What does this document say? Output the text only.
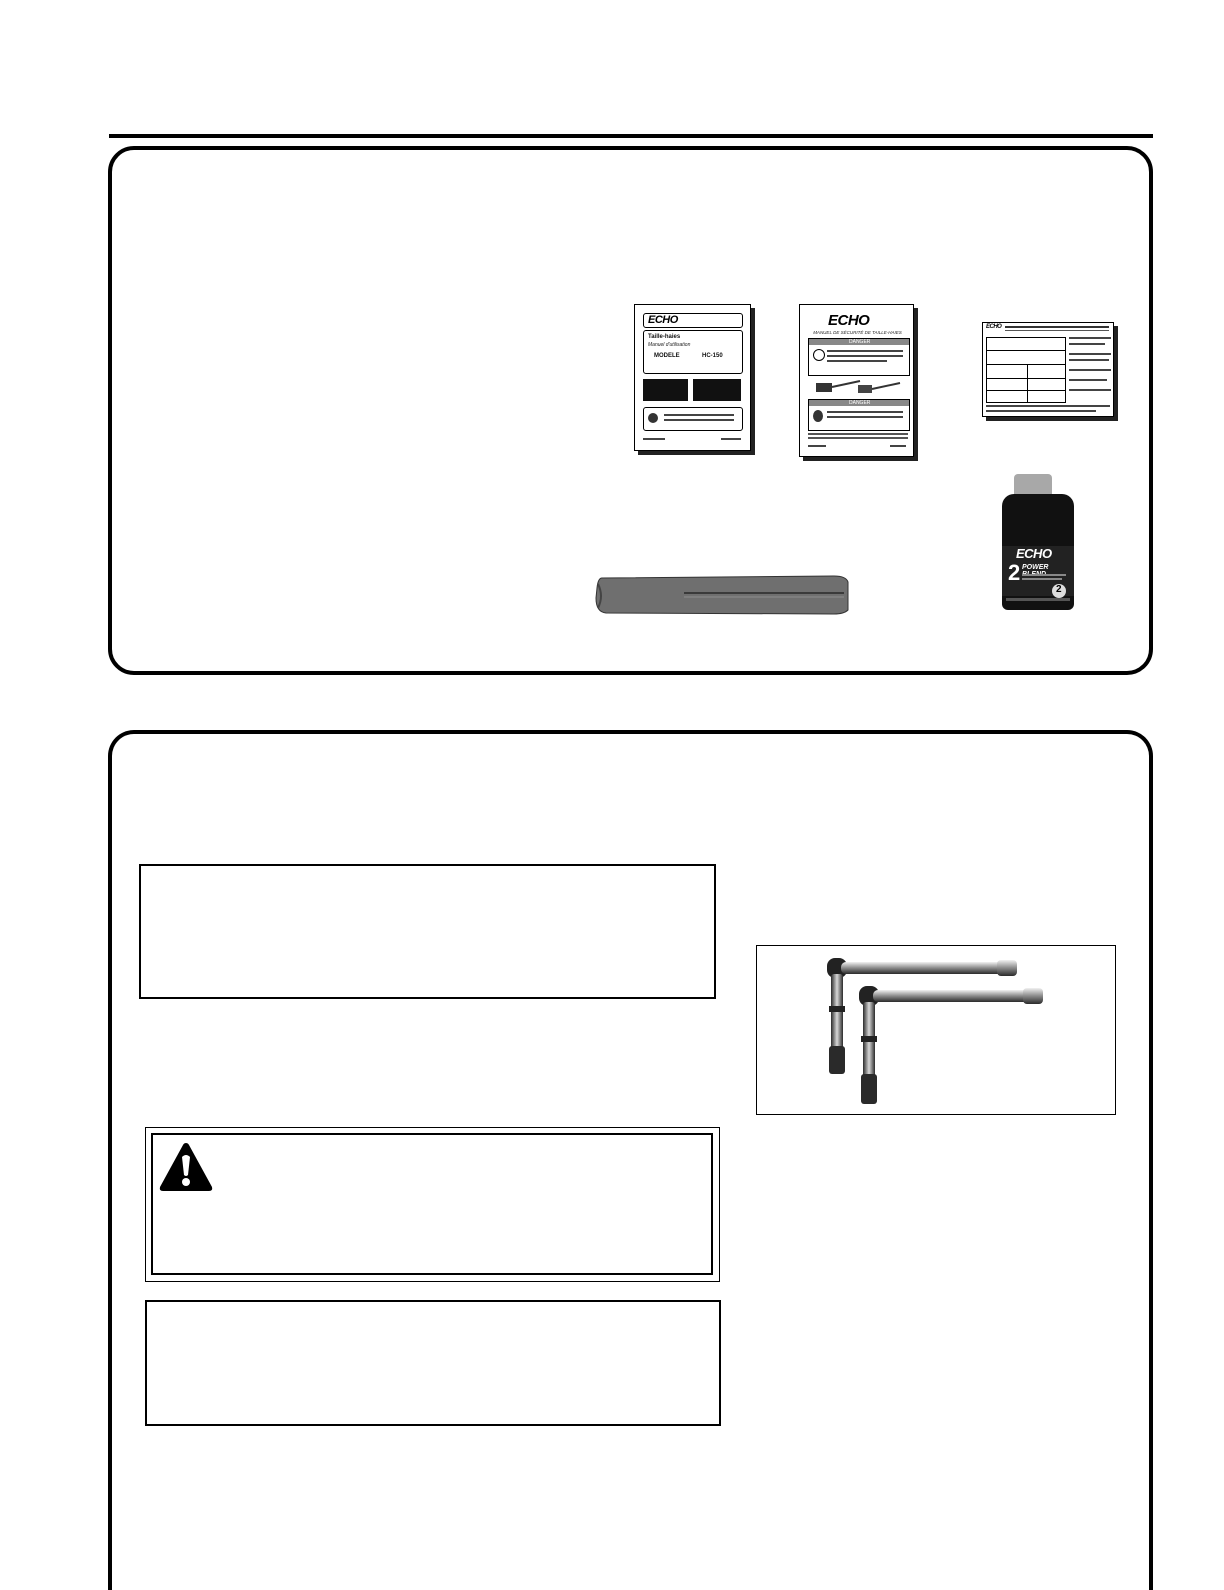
ECHO
Taille-haies
Manuel d'utilisation
MODELE	HC-150
ECHO
MANUEL DE SÉCURITÉ DE TAILLE-HAIES
DANGER
DANGER
ECHO
ECHO
2 POWER
2
